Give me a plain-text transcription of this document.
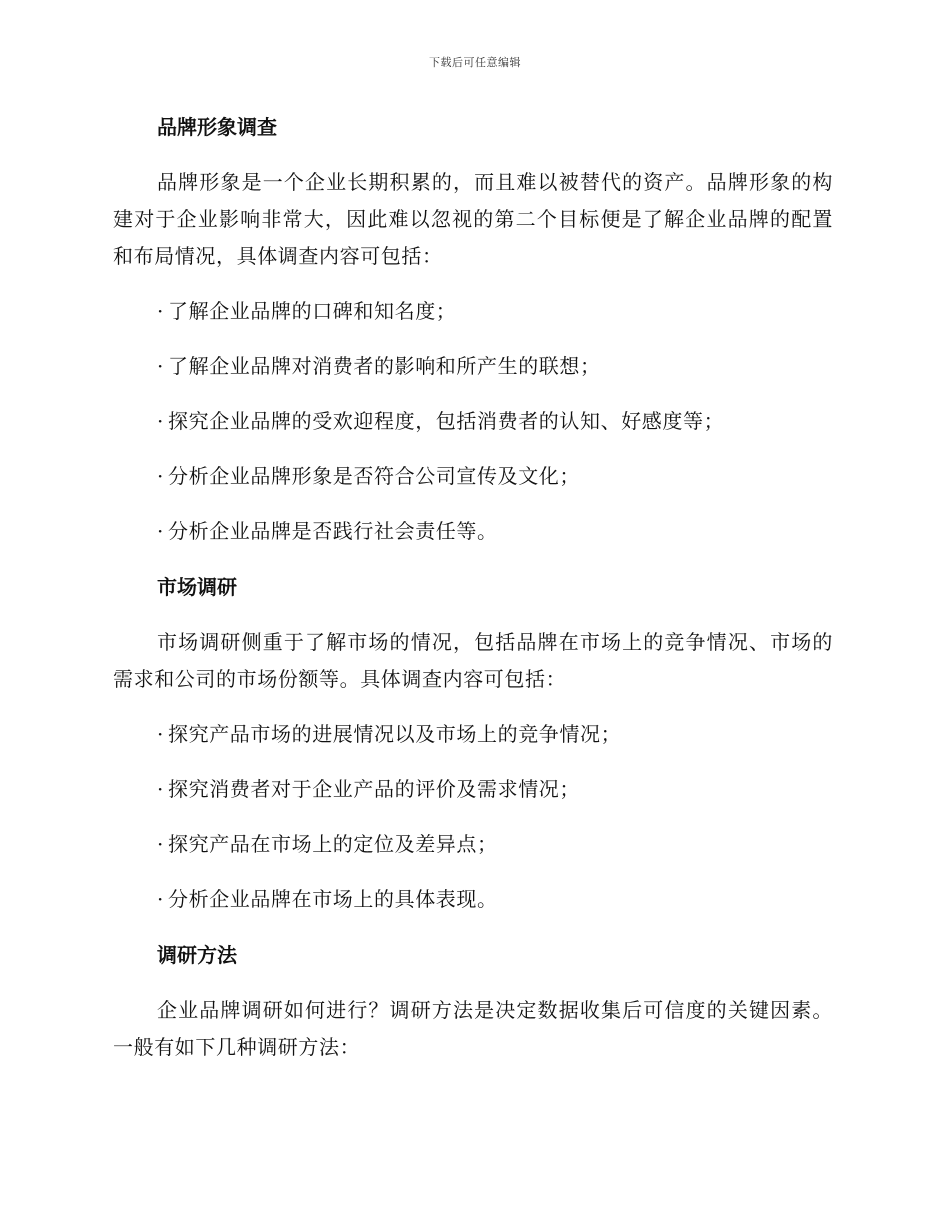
下载后可任意编辑
品牌形象调查
品牌形象是一个企业长期积累的，而且难以被替代的资产。品牌形象的构建对于企业影响非常大，因此难以忽视的第二个目标便是了解企业品牌的配置和布局情况，具体调查内容可包括：
· 了解企业品牌的口碑和知名度；
· 了解企业品牌对消费者的影响和所产生的联想；
· 探究企业品牌的受欢迎程度，包括消费者的认知、好感度等；
· 分析企业品牌形象是否符合公司宣传及文化；
· 分析企业品牌是否践行社会责任等。
市场调研
市场调研侧重于了解市场的情况，包括品牌在市场上的竞争情况、市场的需求和公司的市场份额等。具体调查内容可包括：
· 探究产品市场的进展情况以及市场上的竞争情况；
· 探究消费者对于企业产品的评价及需求情况；
· 探究产品在市场上的定位及差异点；
· 分析企业品牌在市场上的具体表现。
调研方法
企业品牌调研如何进行？调研方法是决定数据收集后可信度的关键因素。一般有如下几种调研方法：
